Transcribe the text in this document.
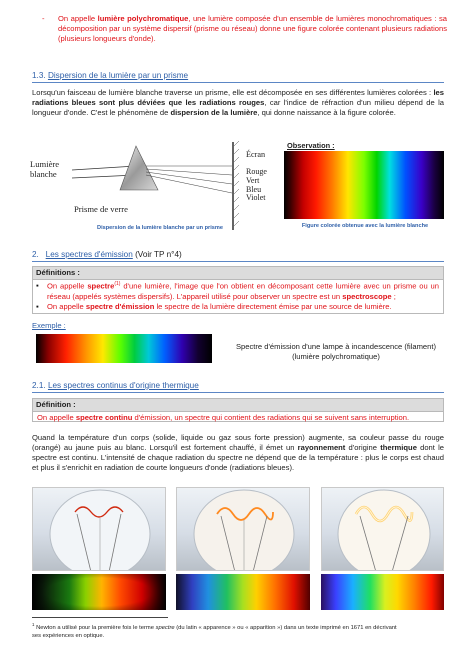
- On appelle lumière polychromatique, une lumière composée d'un ensemble de lumières monochromatiques : sa décomposition par un système dispersif (prisme ou réseau) donne une figure colorée contenant plusieurs radiations (plusieurs longueurs d'onde).
1.3. Dispersion de la lumière par un prisme
Lorsqu'un faisceau de lumière blanche traverse un prisme, elle est décomposée en ses différentes lumières colorées : les radiations bleues sont plus déviées que les radiations rouges, car l'indice de réfraction d'un milieu dépend de la longueur d'onde. C'est le phénomène de dispersion de la lumière, qui donne naissance à la figure colorée.
Lumière
blanche
Prisme de verre
Écran
Rouge
Vert
Bleu
Violet
Dispersion de la lumière blanche par un prisme
Observation :
Figure colorée obtenue avec la lumière blanche
2. Les spectres d'émission (Voir TP n°4)
Définitions :
▪ On appelle spectre$^{(1)}$ d'une lumière, l'image que l'on obtient en décomposant cette lumière avec un prisme ou un réseau (appelés systèmes dispersifs). L'appareil utilisé pour observer un spectre est un spectroscope ;
▪ On appelle spectre d'émission le spectre de la lumière directement émise par une source de lumière.
Exemple :
Spectre d'émission d'une lampe à incandescence (filament)
(lumière polychromatique)
2.1. Les spectres continus d'origine thermique
Définition :
On appelle spectre continu d'émission, un spectre qui contient des radiations qui se suivent sans interruption.
Quand la température d'un corps (solide, liquide ou gaz sous forte pression) augmente, sa couleur passe du rouge (orangé) au jaune puis au blanc. Lorsqu'il est fortement chauffé, il émet un rayonnement d'origine thermique dont le spectre est continu. L'intensité de chaque radiation du spectre ne dépend que de la température : plus le corps est chaud et plus il s'enrichit en radiation de courte longueurs d'onde (radiations bleues).
$^1$ Newton a utilisé pour la première fois le terme spectre (du latin « apparence » ou « apparition ») dans un texte imprimé en 1671 en décrivant
ses expériences en optique.
